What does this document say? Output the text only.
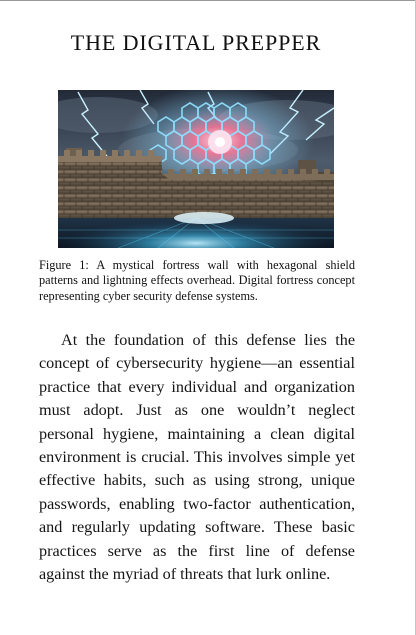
THE DIGITAL PREPPER
Figure 1: A mystical fortress wall with hexagonal shield patterns and lightning effects overhead. Digital fortress concept representing cyber security defense systems.
At the foundation of this defense lies the concept of cybersecurity hygiene—an essential practice that every individual and organization must adopt. Just as one wouldn’t neglect personal hygiene, maintaining a clean digital environment is crucial. This involves simple yet effective habits, such as using strong, unique passwords, enabling two-factor authentication, and regularly updating software. These basic practices serve as the first line of defense against the myriad of threats that lurk online.
